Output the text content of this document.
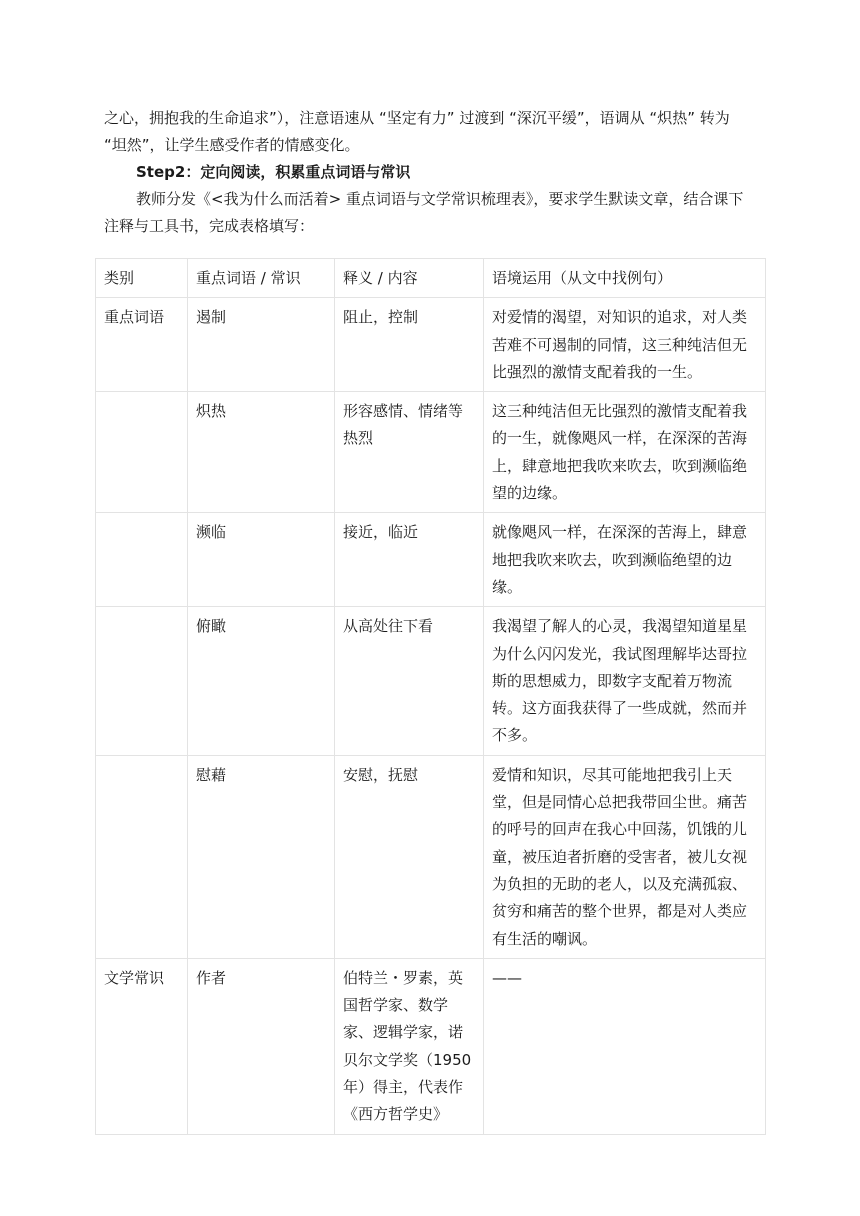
之心，拥抱我的生命追求”），注意语速从 “坚定有力” 过渡到 “深沉平缓”，语调从 “炽热” 转为 “坦然”，让学生感受作者的情感变化。

Step2：定向阅读，积累重点词语与常识

教师分发《<我为什么而活着> 重点词语与文学常识梳理表》，要求学生默读文章，结合课下注释与工具书，完成表格填写：

类别	重点词语 / 常识	释义 / 内容	语境运用（从文中找例句）
重点词语	遏制	阻止，控制	对爱情的渴望，对知识的追求，对人类苦难不可遏制的同情，这三种纯洁但无比强烈的激情支配着我的一生。
	炽热	形容感情、情绪等热烈	这三种纯洁但无比强烈的激情支配着我的一生，就像飓风一样，在深深的苦海上，肆意地把我吹来吹去，吹到濒临绝望的边缘。
	濒临	接近，临近	就像飓风一样，在深深的苦海上，肆意地把我吹来吹去，吹到濒临绝望的边缘。
	俯瞰	从高处往下看	我渴望了解人的心灵，我渴望知道星星为什么闪闪发光，我试图理解毕达哥拉斯的思想威力，即数字支配着万物流转。这方面我获得了一些成就，然而并不多。
	慰藉	安慰，抚慰	爱情和知识，尽其可能地把我引上天堂，但是同情心总把我带回尘世。痛苦的呼号的回声在我心中回荡，饥饿的儿童，被压迫者折磨的受害者，被儿女视为负担的无助的老人，以及充满孤寂、贫穷和痛苦的整个世界，都是对人类应有生活的嘲讽。
文学常识	作者	伯特兰・罗素，英国哲学家、数学家、逻辑学家，诺贝尔文学奖（1950年）得主，代表作《西方哲学史》	——
